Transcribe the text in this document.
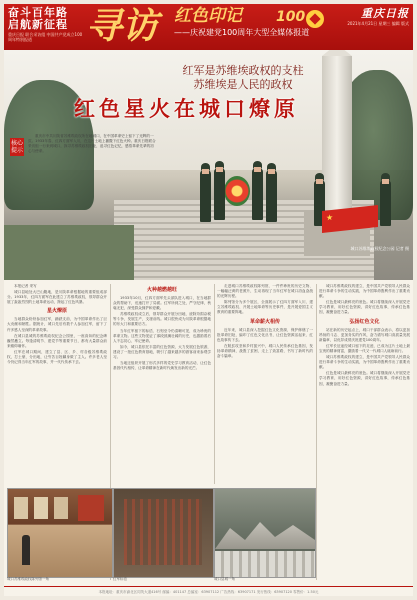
奋斗百年路
启航新征程
重庆日报 联合采访组 中国共产党成立100周年特别报道	寻访 红色印记
——庆祝建党100周年大型全媒体报道
100	重庆日报
2021年4月21日 星期三 编辑 版式
★
红军是苏维埃政权的支柱
苏维埃是人民的政权
红色星火在城口燎原
城口苏维埃政权纪念公园 记者 摄
核心提示

重庆市中共川陕省苏维埃政权所在地城口，在中国革命史上留下了光辉的一页。1933年春，红四方面军入川，在这片土地上播撒下红色火种。重庆日报联合采访组一行来到城口，探寻苏维埃政权旧址，追寻红色记忆，感悟革命先辈的初心与使命。

本报记者 采写

城口县地处大巴山腹地，是川陕革命根据地的重要组成部分。1933年，红四方面军在此建立了苏维埃政权，领导群众开展了轰轰烈烈的土地革命运动，掀起了红色风暴。

星火燎原

当地群众纷纷参加红军，踊跃支前，为中国革命作出了巨大贡献和牺牲。据统计，城口先后有数千人参加红军，留下了许多感人至深的革命故事。

在城口县城的苏维埃政权纪念公园里，一座高耸的纪念碑巍然矗立。每逢清明节、建党节等重要节日，都有大量群众前来瞻仰缅怀。

红军在城口期间，建立了县、区、乡、村各级苏维埃政权，打土豪、分田地，让穷苦百姓翻身做了主人。许多老人至今仍记得当年红军的故事，并一代代传承下去。

火种越燃越旺

1933年10月，红四方面军先头部队进入城口，在当地群众的帮助下，迅速打开了局面。红军所到之处，严守纪律，秋毫无犯，深受群众拥护和爱戴。

苏维埃政权成立后，领导群众开展分田地、废除苛捐杂税等斗争，发展生产，支援前线。城口很快成为川陕革命根据地的东大门和重要后方。

当年红军留下的标语、石刻至今仍清晰可见，成为珍贵的革命文物。这些文物见证了那段波澜壮阔的历史，也激励着后人不忘初心、牢记使命。

如今，城口县依托丰富的红色资源，大力发展红色旅游，建设了一批红色教育基地，吸引了越来越多的游客前来参观学习。

当地还组织开展了形式多样的党史学习教育活动，让红色基因代代相传，让革命精神在新时代焕发出新的光芒。

走进城口苏维埃政权陈列馆，一件件珍贵的历史文物、一幅幅泛黄的老照片，生动再现了当年红军在城口浴血奋战的光辉历程。

陈列馆分为多个展区，全面展示了红四方面军入川、建立苏维埃政权、开展土地革命等历史事件，是开展爱国主义教育的重要阵地。

革命薪火相传

近年来，城口县深入挖掘红色文化资源，保护修缮了一批革命旧址，编印了红色文化丛书，让红色资源活起来、红色故事传下去。

在脱贫攻坚和乡村振兴中，城口人民传承红色基因，发扬革命精神，战胜了贫困，走上了致富路，书写了新时代的奋斗篇章。

城口苏维埃政权的建立，是中国共产党领导人民群众进行革命斗争的生动实践，为中国革命胜利作出了重要贡献。

红色是城口最鲜亮的底色。城口将继续深入开展党史学习教育，用好红色资源，讲好红色故事，传承红色基因，凝聚奋进力量。

弘扬红色文化

站在新的历史起点上，城口干部群众表示，将以更加昂扬的斗志、更加务实的作风，奋力谱写城口高质量发展新篇章，以优异成绩庆祝建党100周年。

红军长征途经城口留下的足迹，已成为这片土地上最宝贵的精神财富，激励着一代又一代城口人砥砺前行。

城口苏维埃政权的建立，是中国共产党领导人民群众进行革命斗争的生动实践，为中国革命胜利作出了重要贡献。

红色是城口最鲜亮的底色。城口将继续深入开展党史学习教育，用好红色资源，讲好红色故事，传承红色基因，凝聚奋进力量。

城口苏维埃政权陈列馆一角	红军标语	城口县城一角
本报地址：重庆市渝北区同茂大道416号 邮编：401147 总编室：63907112 广告热线：63907171 发行热线：63907120 零售价：1.50元
